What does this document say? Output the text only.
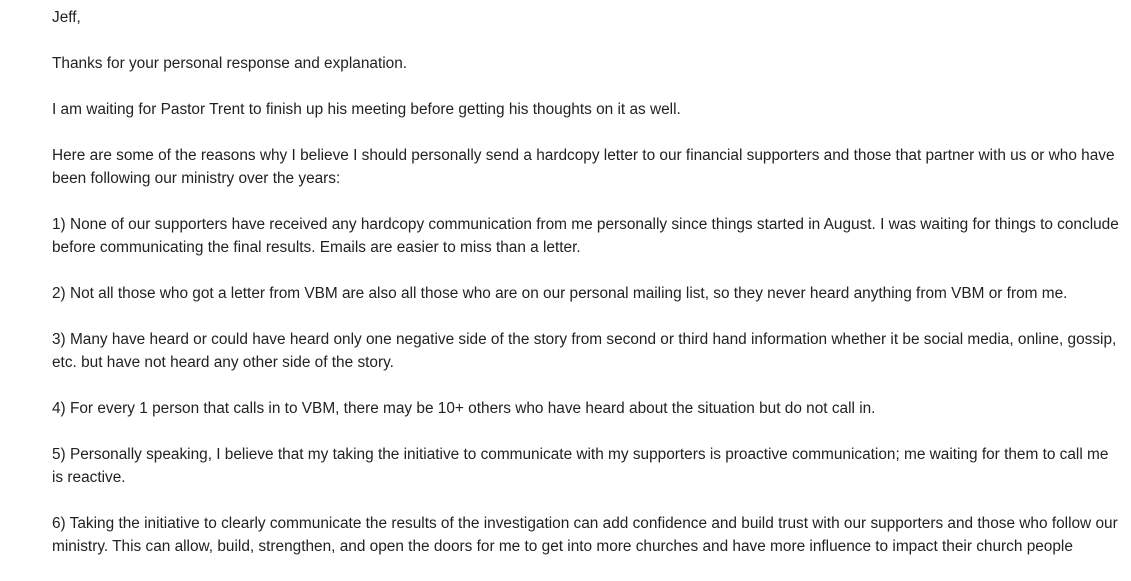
Jeff,

Thanks for your personal response and explanation.

I am waiting for Pastor Trent to finish up his meeting before getting his thoughts on it as well.

Here are some of the reasons why I believe I should personally send a hardcopy letter to our financial supporters and those that partner with us or who have been following our ministry over the years:

1) None of our supporters have received any hardcopy communication from me personally since things started in August. I was waiting for things to conclude before communicating the final results. Emails are easier to miss than a letter.

2) Not all those who got a letter from VBM are also all those who are on our personal mailing list, so they never heard anything from VBM or from me.

3) Many have heard or could have heard only one negative side of the story from second or third hand information whether it be social media, online, gossip, etc. but have not heard any other side of the story.

4) For every 1 person that calls in to VBM, there may be 10+ others who have heard about the situation but do not call in.

5) Personally speaking, I believe that my taking the initiative to communicate with my supporters is proactive communication; me waiting for them to call me is reactive.

6) Taking the initiative to clearly communicate the results of the investigation can add confidence and build trust with our supporters and those who follow our ministry. This can allow, build, strengthen, and open the doors for me to get into more churches and have more influence to impact their church people
